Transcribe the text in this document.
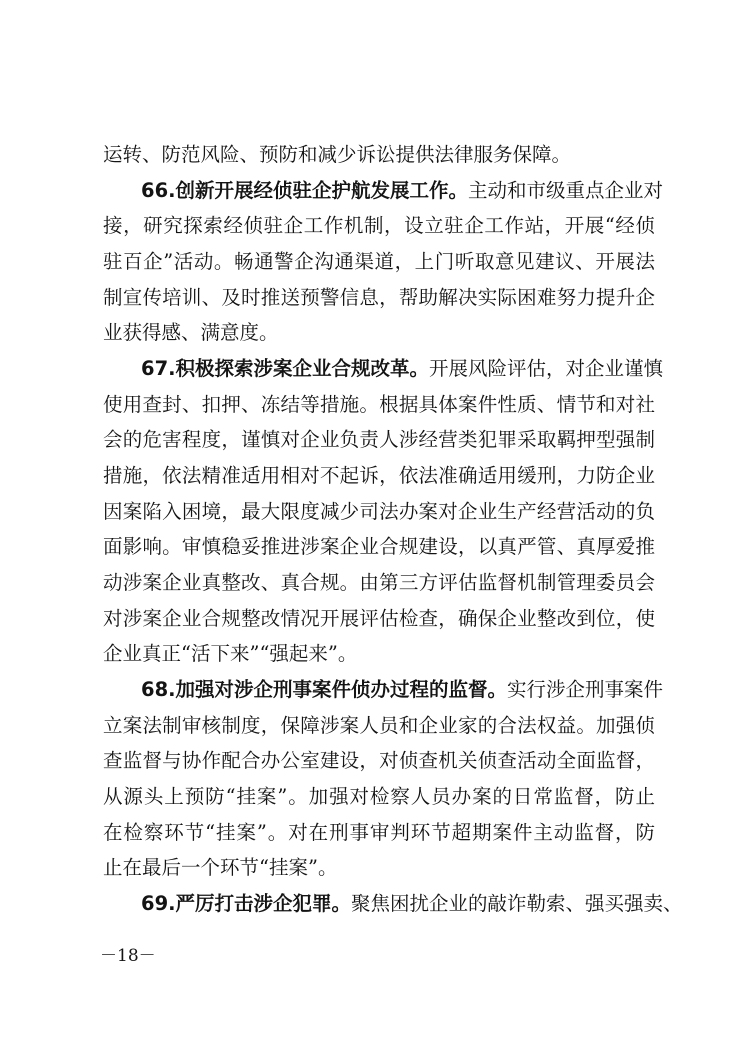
运转、防范风险、预防和减少诉讼提供法律服务保障。
66.创新开展经侦驻企护航发展工作。主动和市级重点企业对
接，研究探索经侦驻企工作机制，设立驻企工作站，开展“经侦
驻百企”活动。畅通警企沟通渠道，上门听取意见建议、开展法
制宣传培训、及时推送预警信息，帮助解决实际困难努力提升企
业获得感、满意度。
67.积极探索涉案企业合规改革。开展风险评估，对企业谨慎
使用查封、扣押、冻结等措施。根据具体案件性质、情节和对社
会的危害程度，谨慎对企业负责人涉经营类犯罪采取羁押型强制
措施，依法精准适用相对不起诉，依法准确适用缓刑，力防企业
因案陷入困境，最大限度减少司法办案对企业生产经营活动的负
面影响。审慎稳妥推进涉案企业合规建设，以真严管、真厚爱推
动涉案企业真整改、真合规。由第三方评估监督机制管理委员会
对涉案企业合规整改情况开展评估检查，确保企业整改到位，使
企业真正“活下来”“强起来”。
68.加强对涉企刑事案件侦办过程的监督。实行涉企刑事案件
立案法制审核制度，保障涉案人员和企业家的合法权益。加强侦
查监督与协作配合办公室建设，对侦查机关侦查活动全面监督，
从源头上预防“挂案”。加强对检察人员办案的日常监督，防止
在检察环节“挂案”。对在刑事审判环节超期案件主动监督，防
止在最后一个环节“挂案”。
69.严厉打击涉企犯罪。聚焦困扰企业的敲诈勒索、强买强卖、
－18－
